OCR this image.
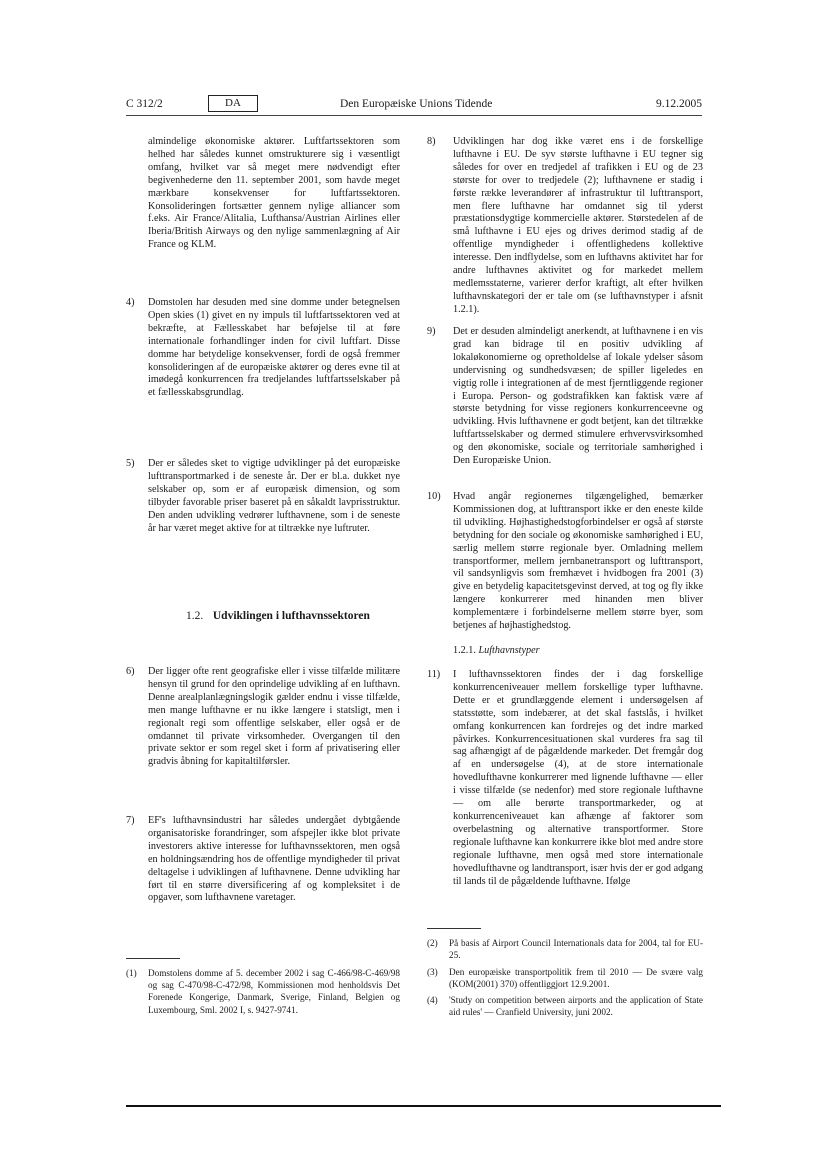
C 312/2	DA	Den Europæiske Unions Tidende	9.12.2005
almindelige økonomiske aktører. Luftfartssektoren som helhed har således kunnet omstrukturere sig i væsentligt omfang, hvilket var så meget mere nødvendigt efter begivenhederne den 11. september 2001, som havde meget mærkbare konsekvenser for luftfartssektoren. Konsolideringen fortsætter gennem nylige alliancer som f.eks. Air France/Alitalia, Lufthansa/Austrian Airlines eller Iberia/British Airways og den nylige sammenlægning af Air France og KLM.
4) Domstolen har desuden med sine domme under betegnelsen Open skies (1) givet en ny impuls til luftfartssektoren ved at bekræfte, at Fællesskabet har beføjelse til at føre internationale forhandlinger inden for civil luftfart. Disse domme har betydelige konsekvenser, fordi de også fremmer konsolideringen af de europæiske aktører og deres evne til at imødegå konkurrencen fra tredjelandes luftfartsselskaber på et fællesskabsgrundlag.
5) Der er således sket to vigtige udviklinger på det europæiske lufttransportmarked i de seneste år. Der er bl.a. dukket nye selskaber op, som er af europæisk dimension, og som tilbyder favorable priser baseret på en såkaldt lavprisstruktur. Den anden udvikling vedrører lufthavnene, som i de seneste år har været meget aktive for at tiltrække nye luftruter.
1.2. Udviklingen i lufthavnssektoren
6) Der ligger ofte rent geografiske eller i visse tilfælde militære hensyn til grund for den oprindelige udvikling af en lufthavn. Denne arealplanlægningslogik gælder endnu i visse tilfælde, men mange lufthavne er nu ikke længere i statsligt, men i regionalt regi som offentlige selskaber, eller også er de omdannet til private virksomheder. Overgangen til den private sektor er som regel sket i form af privatisering eller gradvis åbning for kapitaltilførsler.
7) EF's lufthavnsindustri har således undergået dybtgående organisatoriske forandringer, som afspejler ikke blot private investorers aktive interesse for lufthavnssektoren, men også en holdningsændring hos de offentlige myndigheder til privat deltagelse i udviklingen af lufthavnene. Denne udvikling har ført til en større diversificering af og kompleksitet i de opgaver, som lufthavnene varetager.
8) Udviklingen har dog ikke været ens i de forskellige lufthavne i EU. De syv største lufthavne i EU tegner sig således for over en tredjedel af trafikken i EU og de 23 største for over to tredjedele (2); lufthavnene er stadig i første række leverandører af infrastruktur til lufttransport, men flere lufthavne har omdannet sig til yderst præstationsdygtige kommercielle aktører. Størstedelen af de små lufthavne i EU ejes og drives derimod stadig af de offentlige myndigheder i offentlighedens kollektive interesse. Den indflydelse, som en lufthavns aktivitet har for andre lufthavnes aktivitet og for markedet mellem medlemsstaterne, varierer derfor kraftigt, alt efter hvilken lufthavnskategori der er tale om (se lufthavnstyper i afsnit 1.2.1).
9) Det er desuden almindeligt anerkendt, at lufthavnene i en vis grad kan bidrage til en positiv udvikling af lokaløkonomierne og opretholdelse af lokale ydelser såsom undervisning og sundhedsvæsen; de spiller ligeledes en vigtig rolle i integrationen af de mest fjerntliggende regioner i Europa. Person- og godstrafikken kan faktisk være af største betydning for visse regioners konkurrenceevne og udvikling. Hvis lufthavnene er godt betjent, kan det tiltrække luftfartsselskaber og dermed stimulere erhvervsvirksomhed og den økonomiske, sociale og territoriale samhørighed i Den Europæiske Union.
10) Hvad angår regionernes tilgængelighed, bemærker Kommissionen dog, at lufttransport ikke er den eneste kilde til udvikling. Højhastighedstogforbindelser er også af største betydning for den sociale og økonomiske samhørighed i EU, særlig mellem større regionale byer. Omladning mellem transportformer, mellem jernbanetransport og lufttransport, vil sandsynligvis som fremhævet i hvidbogen fra 2001 (3) give en betydelig kapacitetsgevinst derved, at tog og fly ikke længere konkurrerer med hinanden men bliver komplementære i forbindelserne mellem større byer, som betjenes af højhastighedstog.
1.2.1. Lufthavnstyper
11) I lufthavnssektoren findes der i dag forskellige konkurrenceniveauer mellem forskellige typer lufthavne. Dette er et grundlæggende element i undersøgelsen af statsstøtte, som indebærer, at det skal fastslås, i hvilket omfang konkurrencen kan fordrejes og det indre marked påvirkes. Konkurrencesituationen skal vurderes fra sag til sag afhængigt af de pågældende markeder. Det fremgår dog af en undersøgelse (4), at de store internationale hovedlufthavne konkurrerer med lignende lufthavne — eller i visse tilfælde (se nedenfor) med store regionale lufthavne — om alle berørte transportmarkeder, og at konkurrenceniveauet kan afhænge af faktorer som overbelastning og alternative transportformer. Store regionale lufthavne kan konkurrere ikke blot med andre store regionale lufthavne, men også med store internationale hovedlufthavne og landtransport, især hvis der er god adgang til lands til de pågældende lufthavne. Ifølge
(1) Domstolens domme af 5. december 2002 i sag C-466/98-C-469/98 og sag C-470/98-C-472/98, Kommissionen mod henholdsvis Det Forenede Kongerige, Danmark, Sverige, Finland, Belgien og Luxembourg, Sml. 2002 I, s. 9427-9741.
(2) På basis af Airport Council Internationals data for 2004, tal for EU-25.
(3) Den europæiske transportpolitik frem til 2010 — De svære valg (KOM(2001) 370) offentliggjort 12.9.2001.
(4) 'Study on competition between airports and the application of State aid rules' — Cranfield University, juni 2002.
